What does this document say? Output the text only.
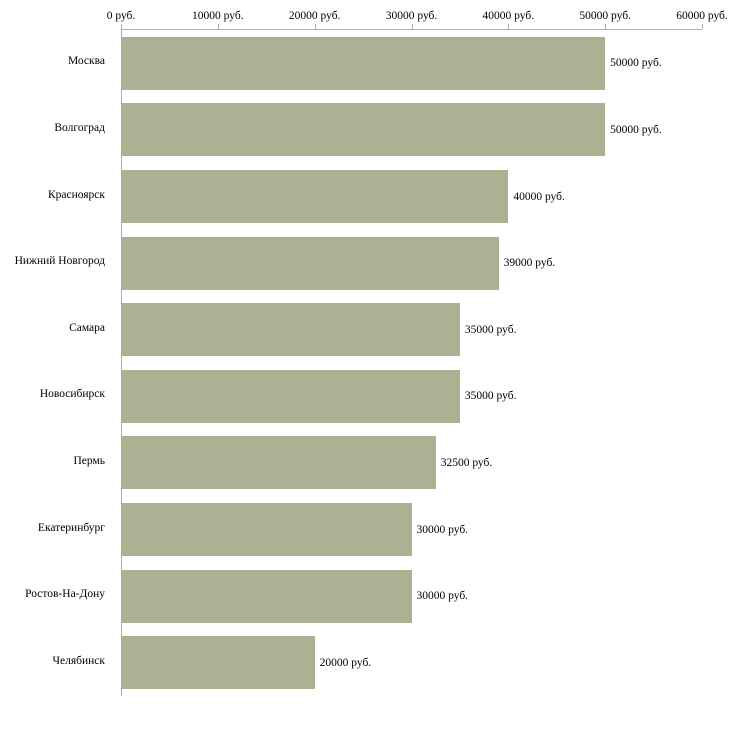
0 руб.	10000 руб.	20000 руб.	30000 руб.	40000 руб.	50000 руб.	60000 руб.
50000 руб.
50000 руб.
40000 руб.
39000 руб.
35000 руб.
35000 руб.
32500 руб.
30000 руб.
30000 руб.
20000 руб.
Москва
Волгоград
Красноярск
Нижний Новгород
Самара
Новосибирск
Пермь
Екатеринбург
Ростов-На-Дону
Челябинск
